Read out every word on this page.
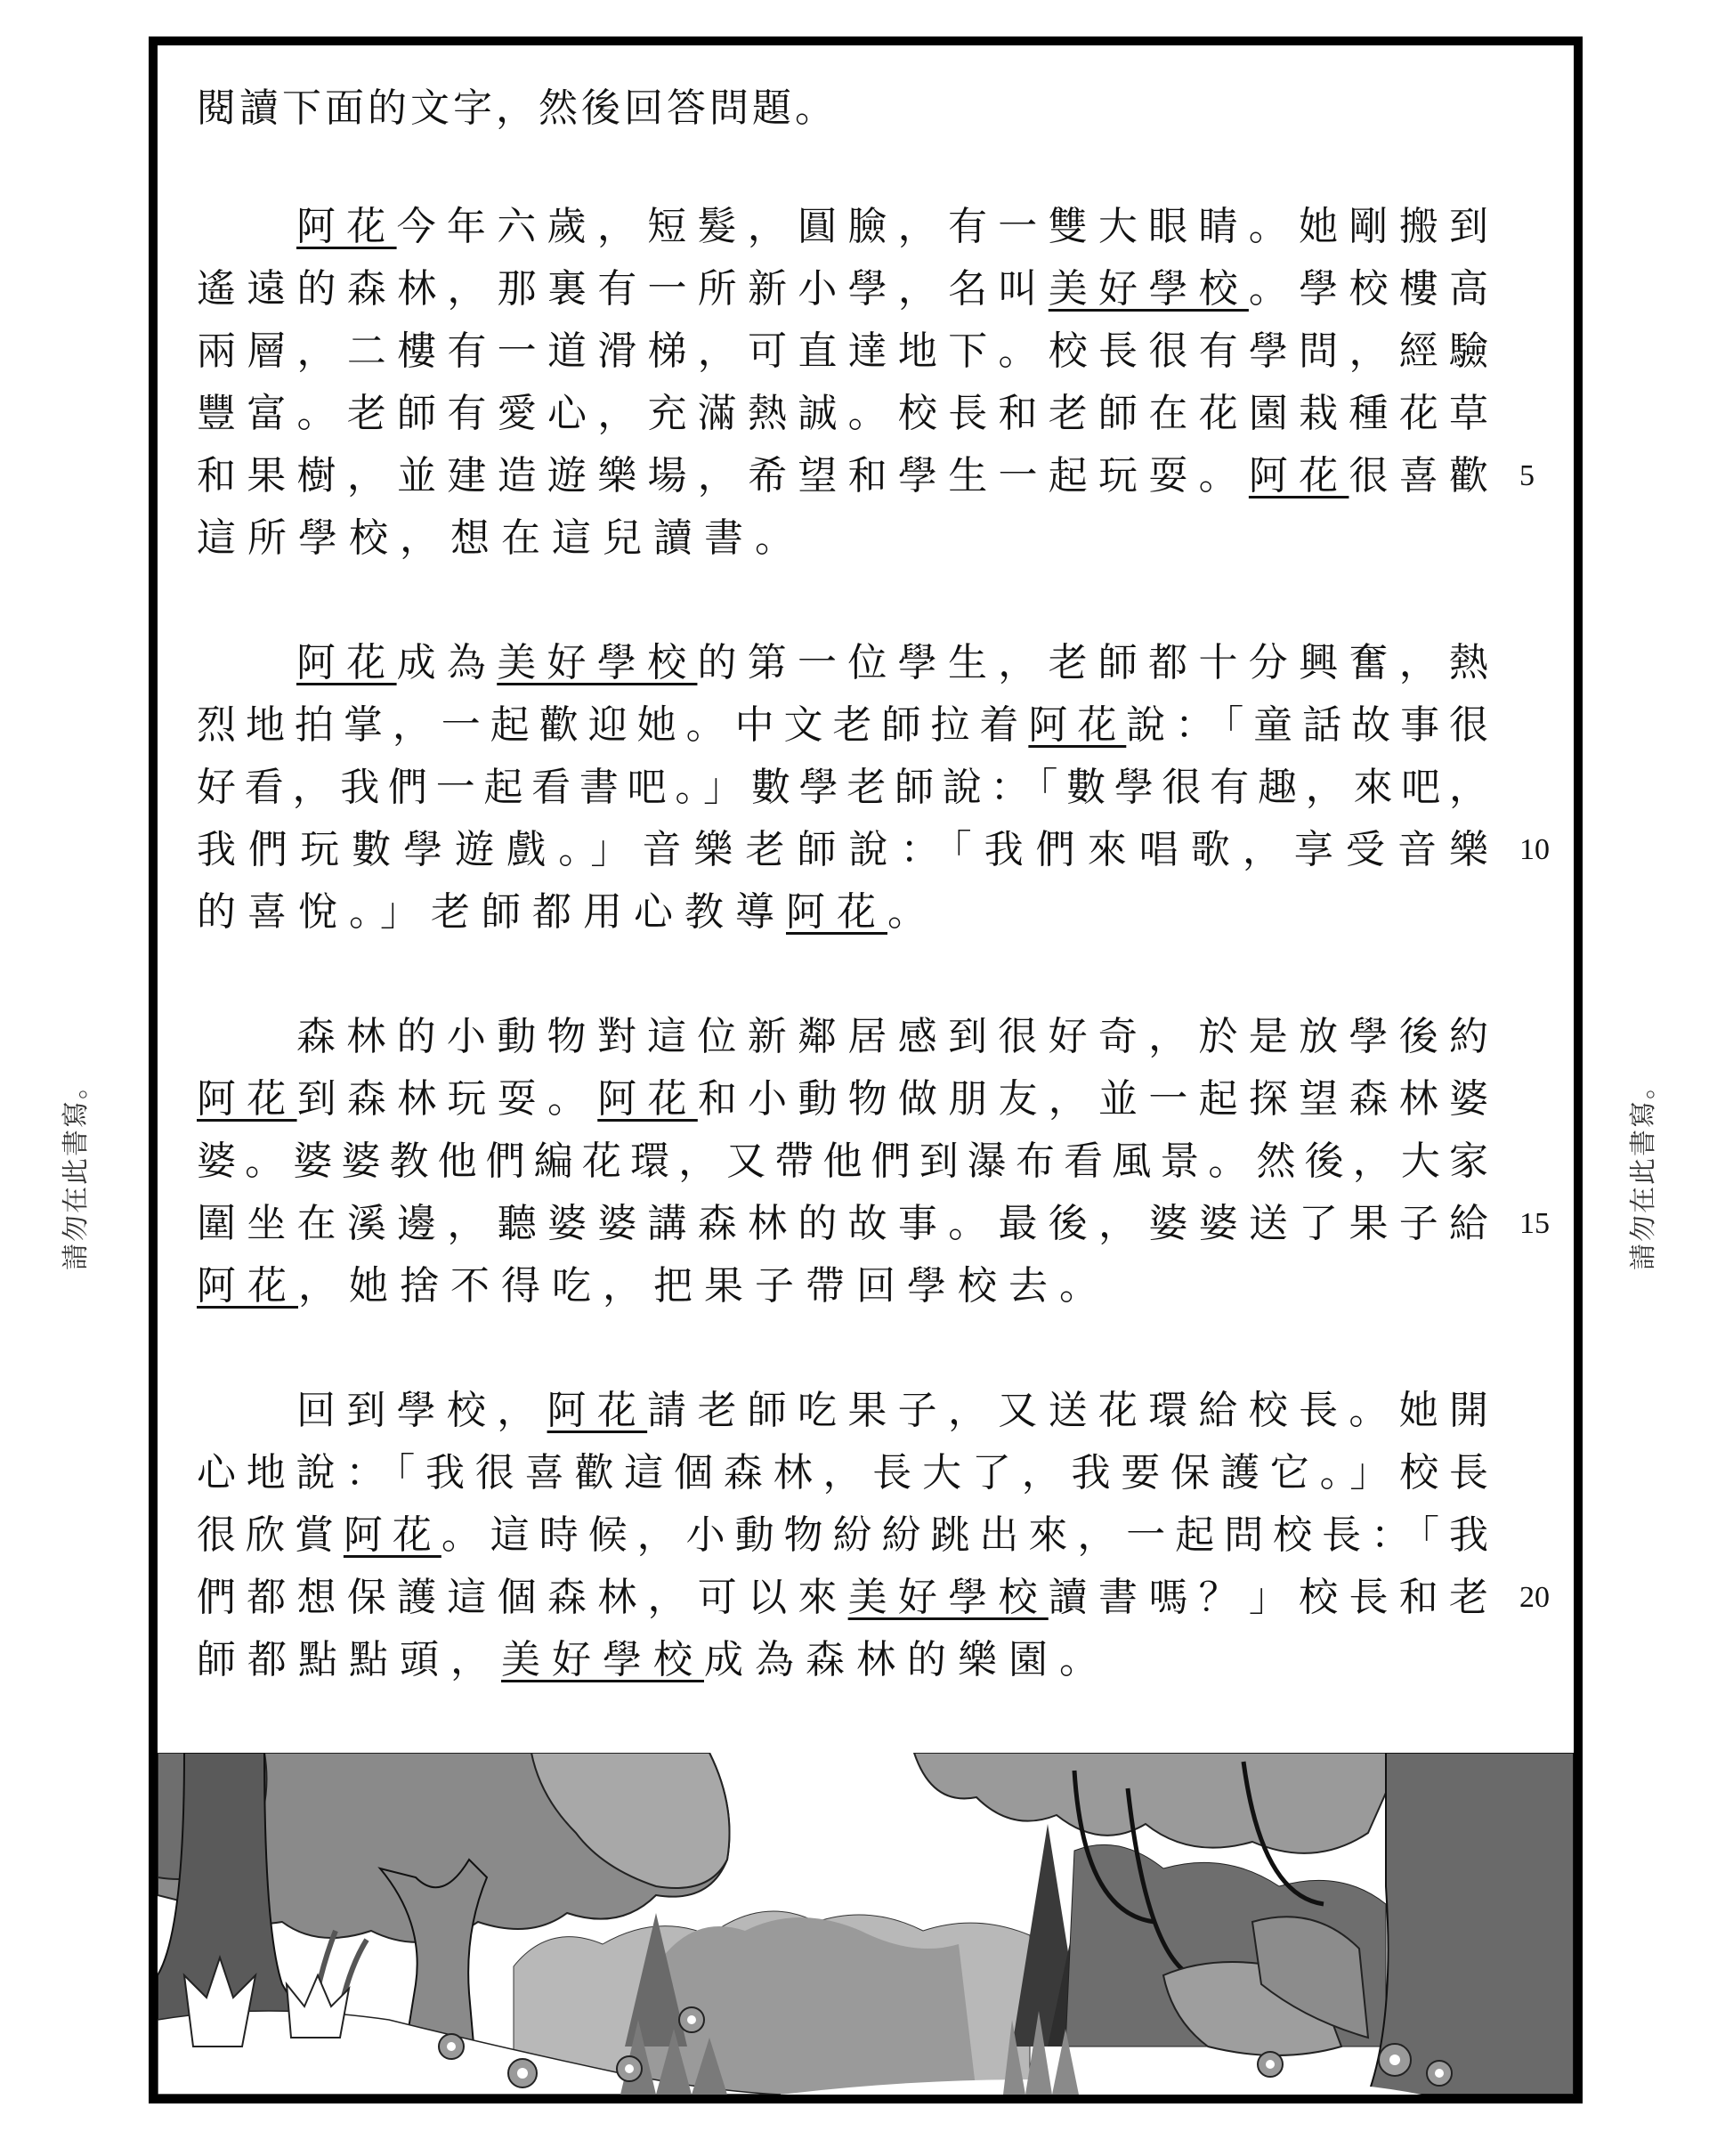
請勿在此書寫。	請勿在此書寫。
閱讀下面的文字，然後回答問題。
阿花今年六歲，短髮，圓臉，有一雙大眼睛。她剛搬到
遙遠的森林，那裏有一所新小學，名叫美好學校。學校樓高
兩層，二樓有一道滑梯，可直達地下。校長很有學問，經驗
豐富。老師有愛心，充滿熱誠。校長和老師在花園栽種花草
和果樹，並建造遊樂場，希望和學生一起玩耍。阿花很喜歡 5
這所學校，想在這兒讀書。
阿花成為美好學校的第一位學生，老師都十分興奮，熱
烈地拍掌，一起歡迎她。中文老師拉着阿花說：「童話故事很
好看，我們一起看書吧。」數學老師說：「數學很有趣，來吧，
我們玩數學遊戲。」音樂老師說：「我們來唱歌，享受音樂 10
的喜悅。」老師都用心教導阿花。
森林的小動物對這位新鄰居感到很好奇，於是放學後約
阿花到森林玩耍。阿花和小動物做朋友，並一起探望森林婆
婆。婆婆教他們編花環，又帶他們到瀑布看風景。然後，大家
圍坐在溪邊，聽婆婆講森林的故事。最後，婆婆送了果子給 15
阿花，她捨不得吃，把果子帶回學校去。
回到學校，阿花請老師吃果子，又送花環給校長。她開
心地說：「我很喜歡這個森林，長大了，我要保護它。」校長
很欣賞阿花。這時候，小動物紛紛跳出來，一起問校長：「我
們都想保護這個森林，可以來美好學校讀書嗎？」校長和老 20
師都點點頭，美好學校成為森林的樂園。
